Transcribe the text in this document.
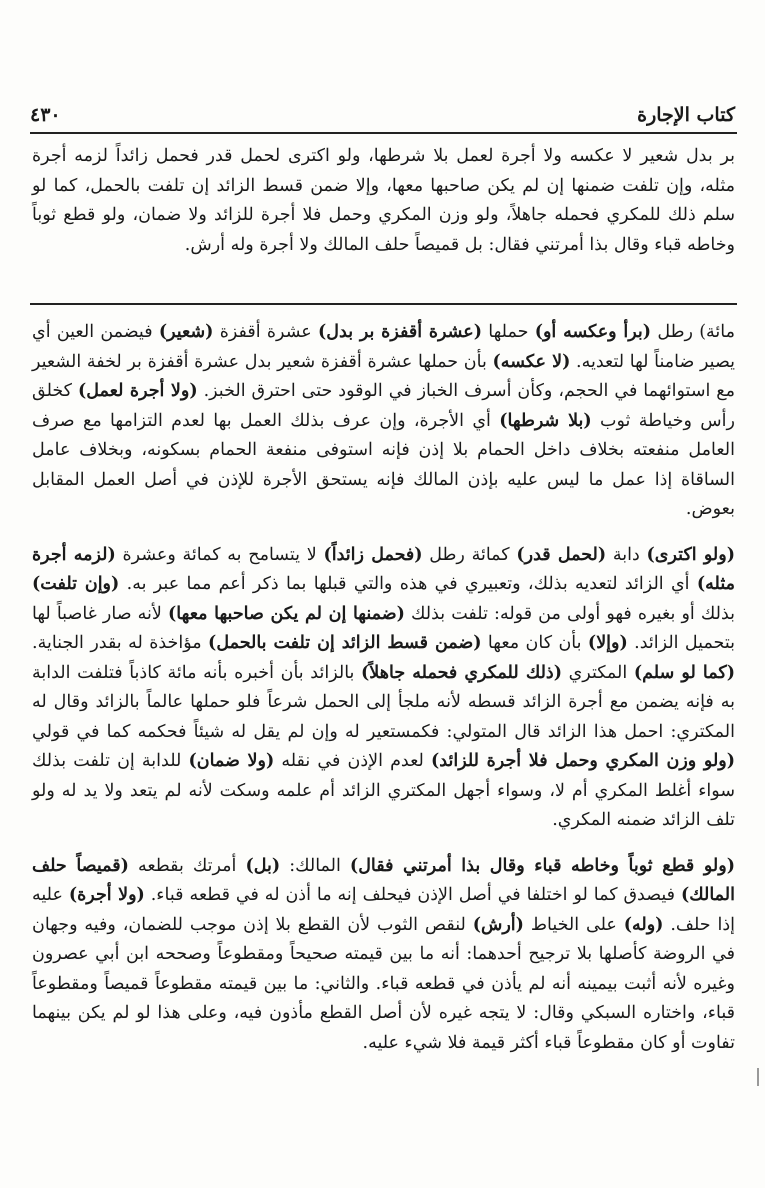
٤٣٠	كتاب الإجارة
بر بدل شعير لا عكسه ولا أجرة لعمل بلا شرطها، ولو اكترى لحمل قدر فحمل زائداً لزمه أجرة مثله، وإن تلفت ضمنها إن لم يكن صاحبها معها، وإلا ضمن قسط الزائد إن تلفت بالحمل، كما لو سلم ذلك للمكري فحمله جاهلاً، ولو وزن المكري وحمل فلا أجرة للزائد ولا ضمان، ولو قطع ثوباً وخاطه قباء وقال بذا أمرتني فقال: بل قميصاً حلف المالك ولا أجرة وله أرش.

مائة) رطل (برأ وعكسه أو) حملها (عشرة أقفزة بر بدل) عشرة أقفزة (شعير) فيضمن العين أي يصير ضامناً لها لتعديه. (لا عكسه) بأن حملها عشرة أقفزة شعير بدل عشرة أقفزة بر لخفة الشعير مع استوائهما في الحجم، وكأن أسرف الخباز في الوقود حتى احترق الخبز. (ولا أجرة لعمل) كخلق رأس وخياطة ثوب (بلا شرطها) أي الأجرة، وإن عرف بذلك العمل بها لعدم التزامها مع صرف العامل منفعته بخلاف داخل الحمام بلا إذن فإنه استوفى منفعة الحمام بسكونه، وبخلاف عامل الساقاة إذا عمل ما ليس عليه بإذن المالك فإنه يستحق الأجرة للإذن في أصل العمل المقابل بعوض.

(ولو اكترى) دابة (لحمل قدر) كمائة رطل (فحمل زائداً) لا يتسامح به كمائة وعشرة (لزمه أجرة مثله) أي الزائد لتعديه بذلك، وتعبيري في هذه والتي قبلها بما ذكر أعم مما عبر به. (وإن تلفت) بذلك أو بغيره فهو أولى من قوله: تلفت بذلك (ضمنها إن لم يكن صاحبها معها) لأنه صار غاصباً لها بتحميل الزائد. (وإلا) بأن كان معها (ضمن قسط الزائد إن تلفت بالحمل) مؤاخذة له بقدر الجناية. (كما لو سلم) المكتري (ذلك للمكري فحمله جاهلاً) بالزائد بأن أخبره بأنه مائة كاذباً فتلفت الدابة به فإنه يضمن مع أجرة الزائد قسطه لأنه ملجأ إلى الحمل شرعاً فلو حملها عالماً بالزائد وقال له المكتري: احمل هذا الزائد قال المتولي: فكمستعير له وإن لم يقل له شيئاً فحكمه كما في قولي (ولو وزن المكري وحمل فلا أجرة للزائد) لعدم الإذن في نقله (ولا ضمان) للدابة إن تلفت بذلك سواء أغلط المكري أم لا، وسواء أجهل المكتري الزائد أم علمه وسكت لأنه لم يتعد ولا يد له ولو تلف الزائد ضمنه المكري.

(ولو قطع ثوباً وخاطه قباء وقال بذا أمرتني فقال) المالك: (بل) أمرتك بقطعه (قميصاً حلف المالك) فيصدق كما لو اختلفا في أصل الإذن فيحلف إنه ما أذن له في قطعه قباء. (ولا أجرة) عليه إذا حلف. (وله) على الخياط (أرش) لنقص الثوب لأن القطع بلا إذن موجب للضمان، وفيه وجهان في الروضة كأصلها بلا ترجيح أحدهما: أنه ما بين قيمته صحيحاً ومقطوعاً وصححه ابن أبي عصرون وغيره لأنه أثبت بيمينه أنه لم يأذن في قطعه قباء. والثاني: ما بين قيمته مقطوعاً قميصاً ومقطوعاً قباء، واختاره السبكي وقال: لا يتجه غيره لأن أصل القطع مأذون فيه، وعلى هذا لو لم يكن بينهما تفاوت أو كان مقطوعاً قباء أكثر قيمة فلا شيء عليه.
